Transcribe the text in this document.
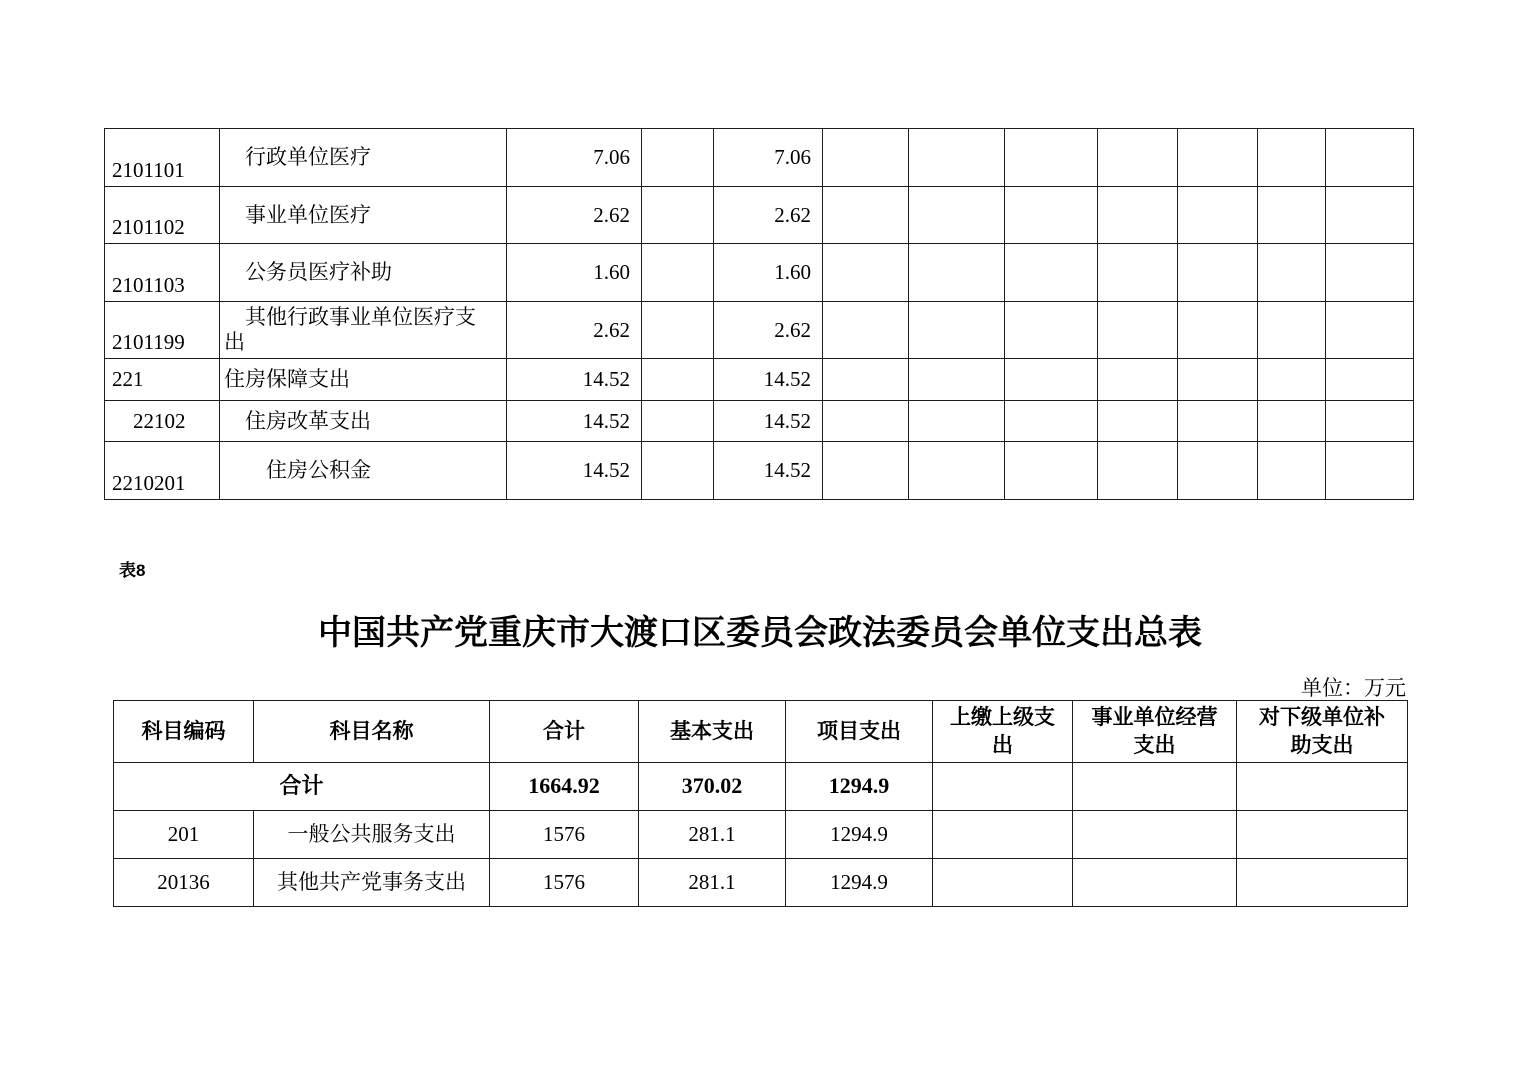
2101101	　行政单位医疗	7.06		7.06							
2101102	　事业单位医疗	2.62		2.62							
2101103	　公务员医疗补助	1.60		1.60							
2101199	　其他行政事业单位医疗支出	2.62		2.62							
221	住房保障支出	14.52		14.52							
　22102	　住房改革支出	14.52		14.52							
2210201	　　住房公积金	14.52		14.52							
表8
中国共产党重庆市大渡口区委员会政法委员会单位支出总表
单位：万元
科目编码	科目名称	合计	基本支出	项目支出	上缴上级支出	事业单位经营支出	对下级单位补助支出
合计		1664.92	370.02	1294.9			
201	一般公共服务支出	1576	281.1	1294.9			
20136	其他共产党事务支出	1576	281.1	1294.9			
